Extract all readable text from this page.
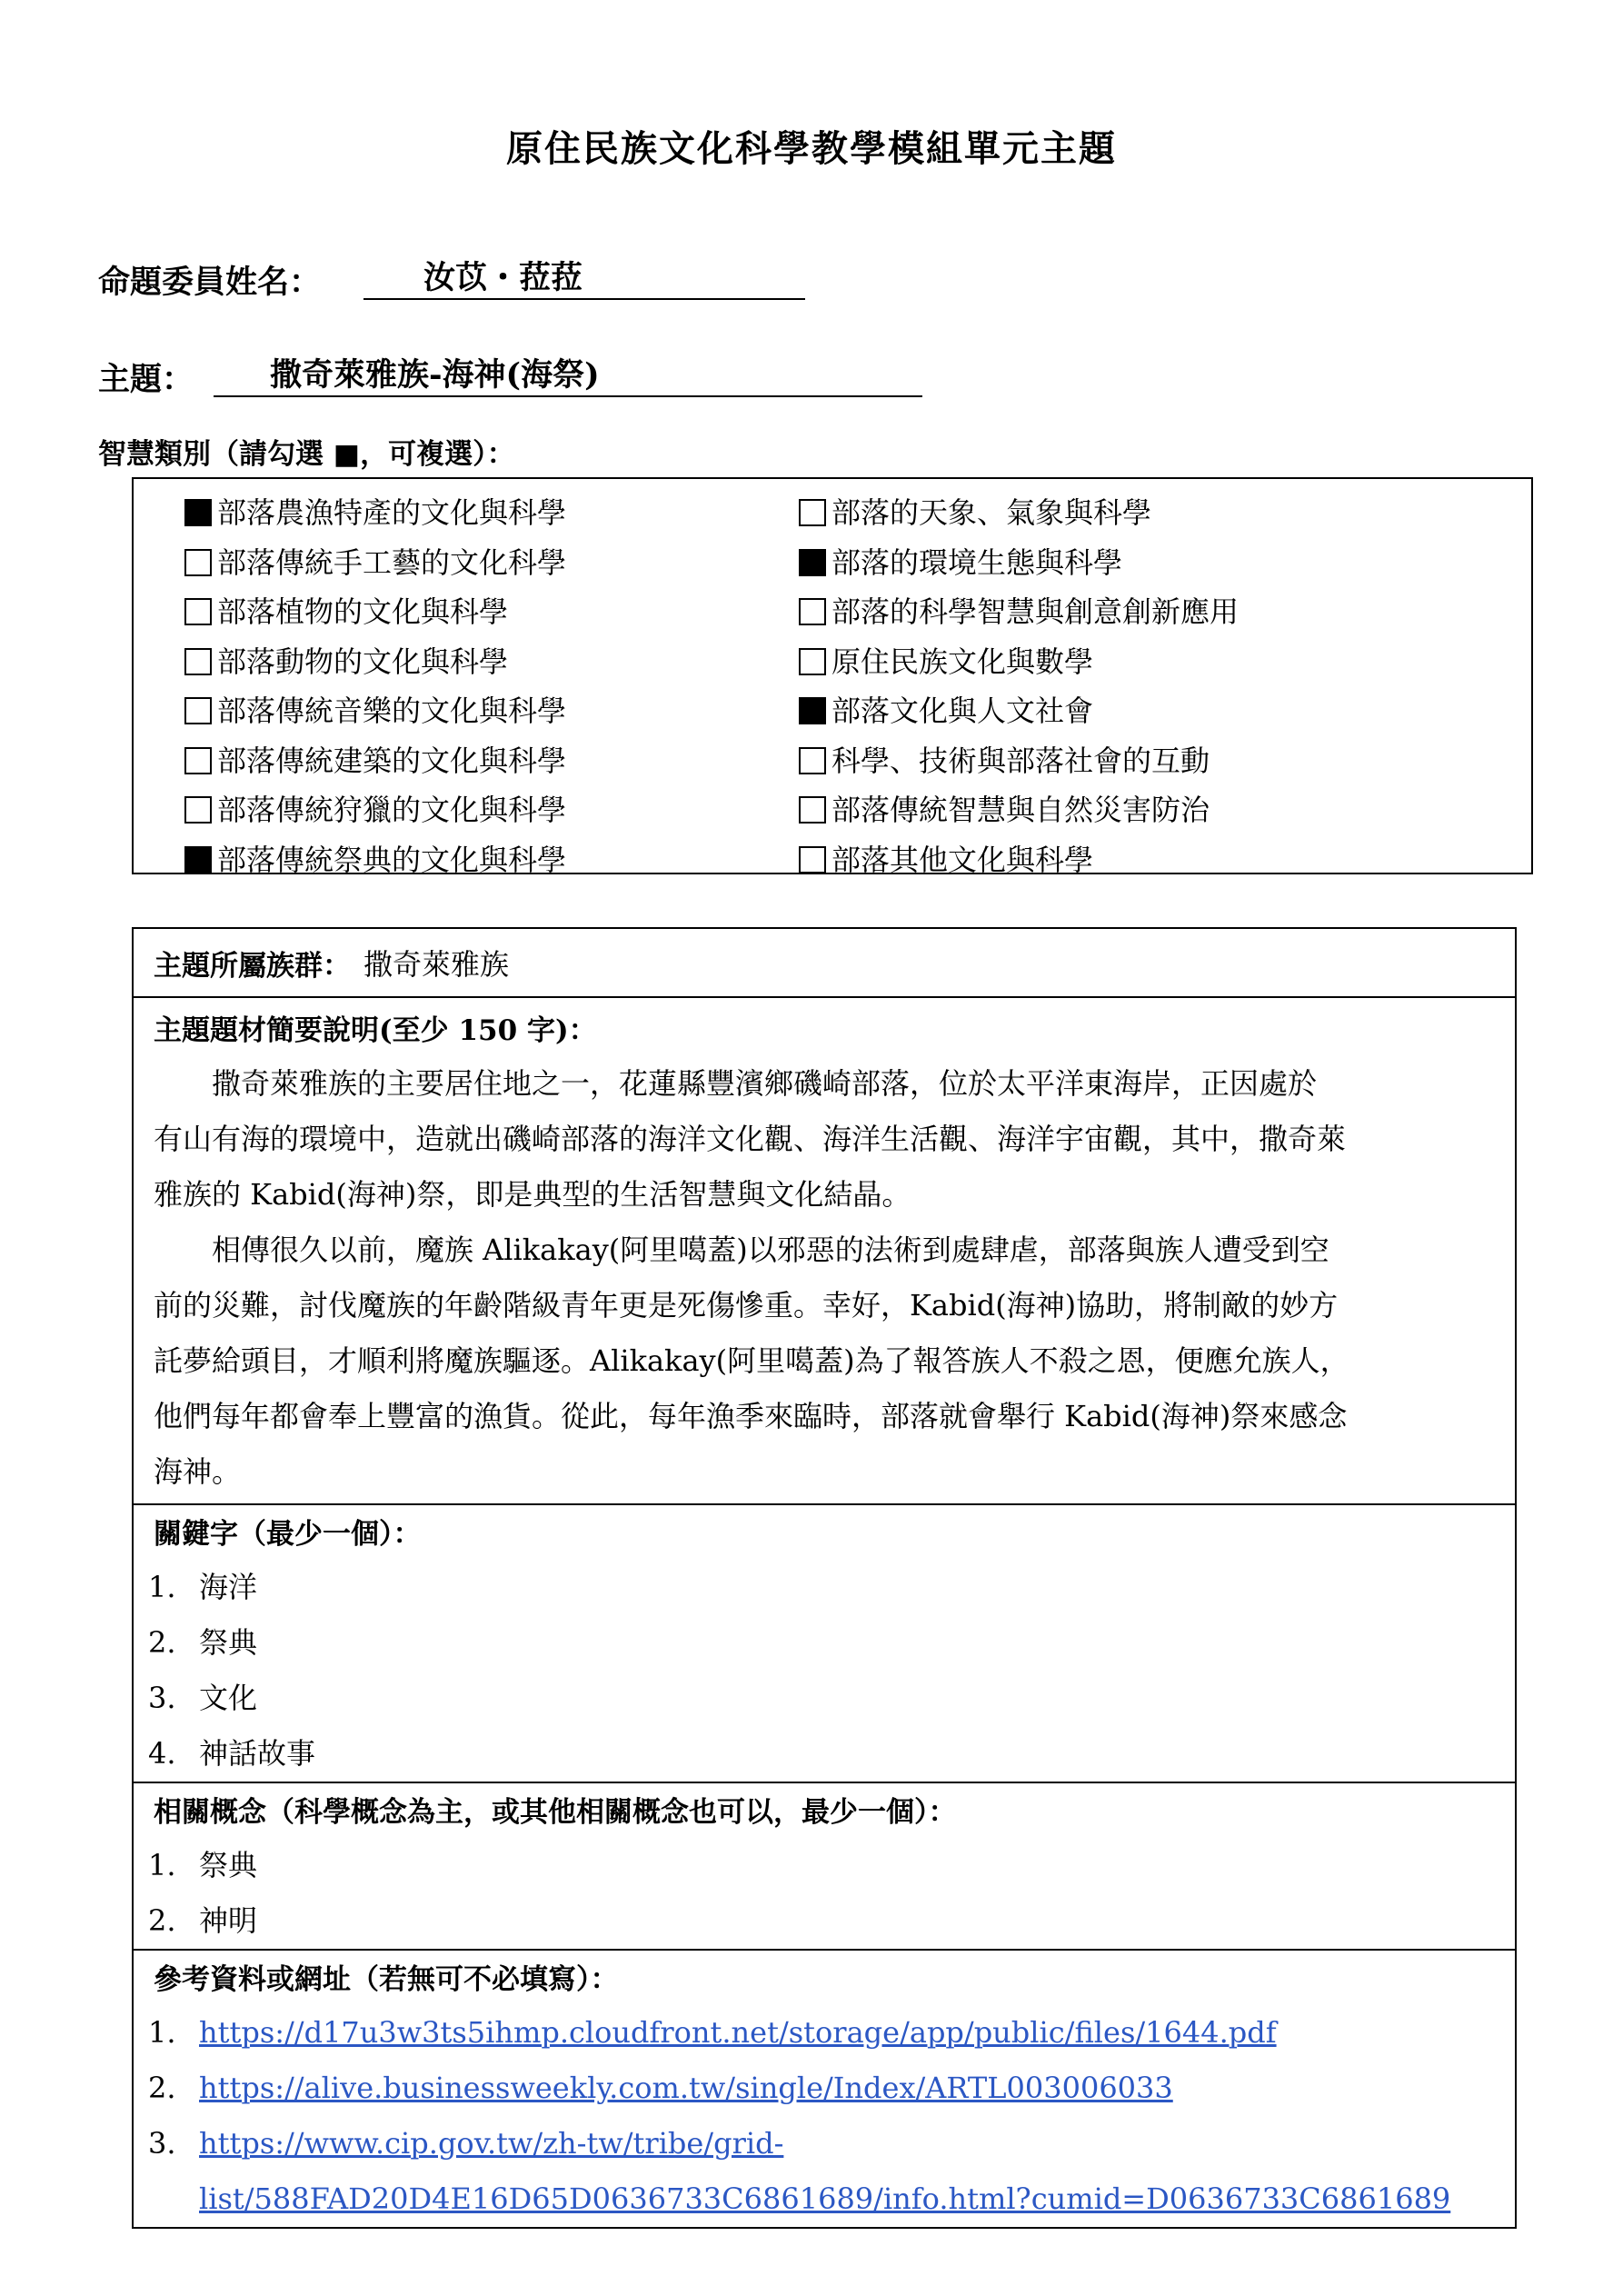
原住民族文化科學教學模組單元主題
命題委員姓名：	汝苡・菈菈
主題：	撒奇萊雅族-海神(海祭)
智慧類別（請勾選 ■，可複選）：
部落農漁特產的文化與科學
部落傳統手工藝的文化科學
部落植物的文化與科學
部落動物的文化與科學
部落傳統音樂的文化與科學
部落傳統建築的文化與科學
部落傳統狩獵的文化與科學
部落傳統祭典的文化與科學
部落的天象、氣象與科學
部落的環境生態與科學
部落的科學智慧與創意創新應用
原住民族文化與數學
部落文化與人文社會
科學、技術與部落社會的互動
部落傳統智慧與自然災害防治
部落其他文化與科學
主題所屬族群： 撒奇萊雅族
主題題材簡要說明(至少 150 字)：
　　撒奇萊雅族的主要居住地之一，花蓮縣豐濱鄉磯崎部落，位於太平洋東海岸，正因處於
有山有海的環境中，造就出磯崎部落的海洋文化觀、海洋生活觀、海洋宇宙觀，其中，撒奇萊
雅族的 Kabid(海神)祭，即是典型的生活智慧與文化結晶。
　　相傳很久以前，魔族 Alikakay(阿里噶蓋)以邪惡的法術到處肆虐，部落與族人遭受到空
前的災難，討伐魔族的年齡階級青年更是死傷慘重。幸好，Kabid(海神)協助，將制敵的妙方
託夢給頭目，才順利將魔族驅逐。Alikakay(阿里噶蓋)為了報答族人不殺之恩，便應允族人，
他們每年都會奉上豐富的漁貨。從此，每年漁季來臨時，部落就會舉行 Kabid(海神)祭來感念
海神。
關鍵字（最少一個）：
1. 海洋
2. 祭典
3. 文化
4. 神話故事
相關概念（科學概念為主，或其他相關概念也可以，最少一個）：
1. 祭典
2. 神明
參考資料或網址（若無可不必填寫）：
1. https://d17u3w3ts5ihmp.cloudfront.net/storage/app/public/files/1644.pdf
2. https://alive.businessweekly.com.tw/single/Index/ARTL003006033
3. https://www.cip.gov.tw/zh-tw/tribe/grid-
list/588FAD20D4E16D65D0636733C6861689/info.html?cumid=D0636733C6861689
